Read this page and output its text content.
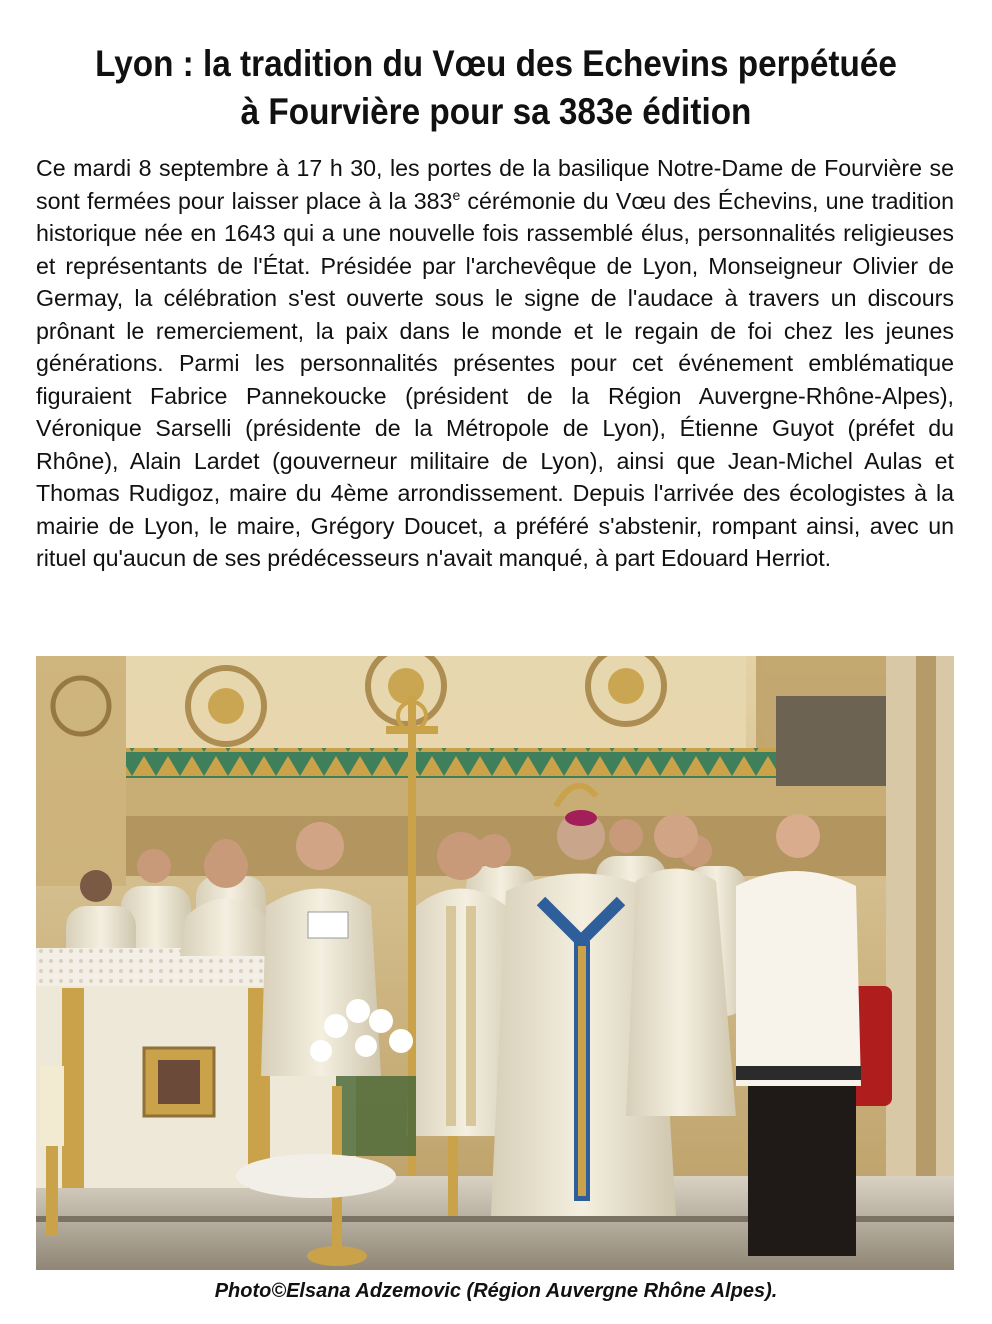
Lyon : la tradition du Vœu des Echevins perpétuée
à Fourvière pour sa 383e édition

Ce mardi 8 septembre à 17 h 30, les portes de la basilique Notre-Dame de Fourvière se sont fermées pour laisser place à la 383e cérémonie du Vœu des Échevins, une tradition historique née en 1643 qui a une nouvelle fois rassemblé élus, personnalités religieuses et représentants de l'État. Présidée par l'archevêque de Lyon, Monseigneur Olivier de Germay, la célébration s'est ouverte sous le signe de l'audace à travers un discours prônant le remerciement, la paix dans le monde et le regain de foi chez les jeunes générations. Parmi les personnalités présentes pour cet événement emblématique figuraient Fabrice Pannekoucke (président de la Région Auvergne-Rhône-Alpes), Véronique Sarselli (présidente de la Métropole de Lyon), Étienne Guyot (préfet du Rhône), Alain Lardet (gouverneur militaire de Lyon), ainsi que Jean-Michel Aulas et Thomas Rudigoz, maire du 4ème arrondissement. Depuis l'arrivée des écologistes à la mairie de Lyon, le maire, Grégory Doucet, a préféré s'abstenir, rompant ainsi, avec un rituel qu'aucun de ses prédécesseurs n'avait manqué, à part Edouard Herriot.

Photo©Elsana Adzemovic (Région Auvergne Rhône Alpes).
